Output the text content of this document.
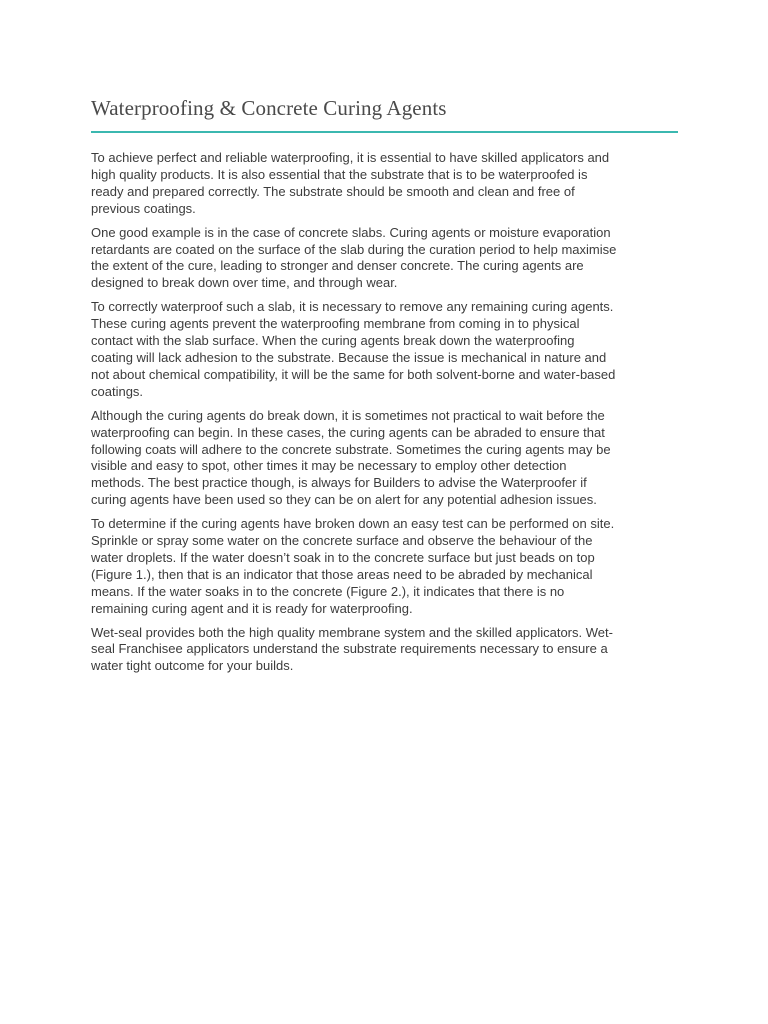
Waterproofing & Concrete Curing Agents

To achieve perfect and reliable waterproofing, it is essential to have skilled applicators and
high quality products. It is also essential that the substrate that is to be waterproofed is
ready and prepared correctly. The substrate should be smooth and clean and free of
previous coatings.

One good example is in the case of concrete slabs. Curing agents or moisture evaporation
retardants are coated on the surface of the slab during the curation period to help maximise
the extent of the cure, leading to stronger and denser concrete. The curing agents are
designed to break down over time, and through wear.

To correctly waterproof such a slab, it is necessary to remove any remaining curing agents.
These curing agents prevent the waterproofing membrane from coming in to physical
contact with the slab surface. When the curing agents break down the waterproofing
coating will lack adhesion to the substrate. Because the issue is mechanical in nature and
not about chemical compatibility, it will be the same for both solvent-borne and water-based
coatings.

Although the curing agents do break down, it is sometimes not practical to wait before the
waterproofing can begin. In these cases, the curing agents can be abraded to ensure that
following coats will adhere to the concrete substrate. Sometimes the curing agents may be
visible and easy to spot, other times it may be necessary to employ other detection
methods. The best practice though, is always for Builders to advise the Waterproofer if
curing agents have been used so they can be on alert for any potential adhesion issues.

To determine if the curing agents have broken down an easy test can be performed on site.
Sprinkle or spray some water on the concrete surface and observe the behaviour of the
water droplets. If the water doesn’t soak in to the concrete surface but just beads on top
(Figure 1.), then that is an indicator that those areas need to be abraded by mechanical
means. If the water soaks in to the concrete (Figure 2.), it indicates that there is no
remaining curing agent and it is ready for waterproofing.

Wet-seal provides both the high quality membrane system and the skilled applicators. Wet-
seal Franchisee applicators understand the substrate requirements necessary to ensure a
water tight outcome for your builds.
